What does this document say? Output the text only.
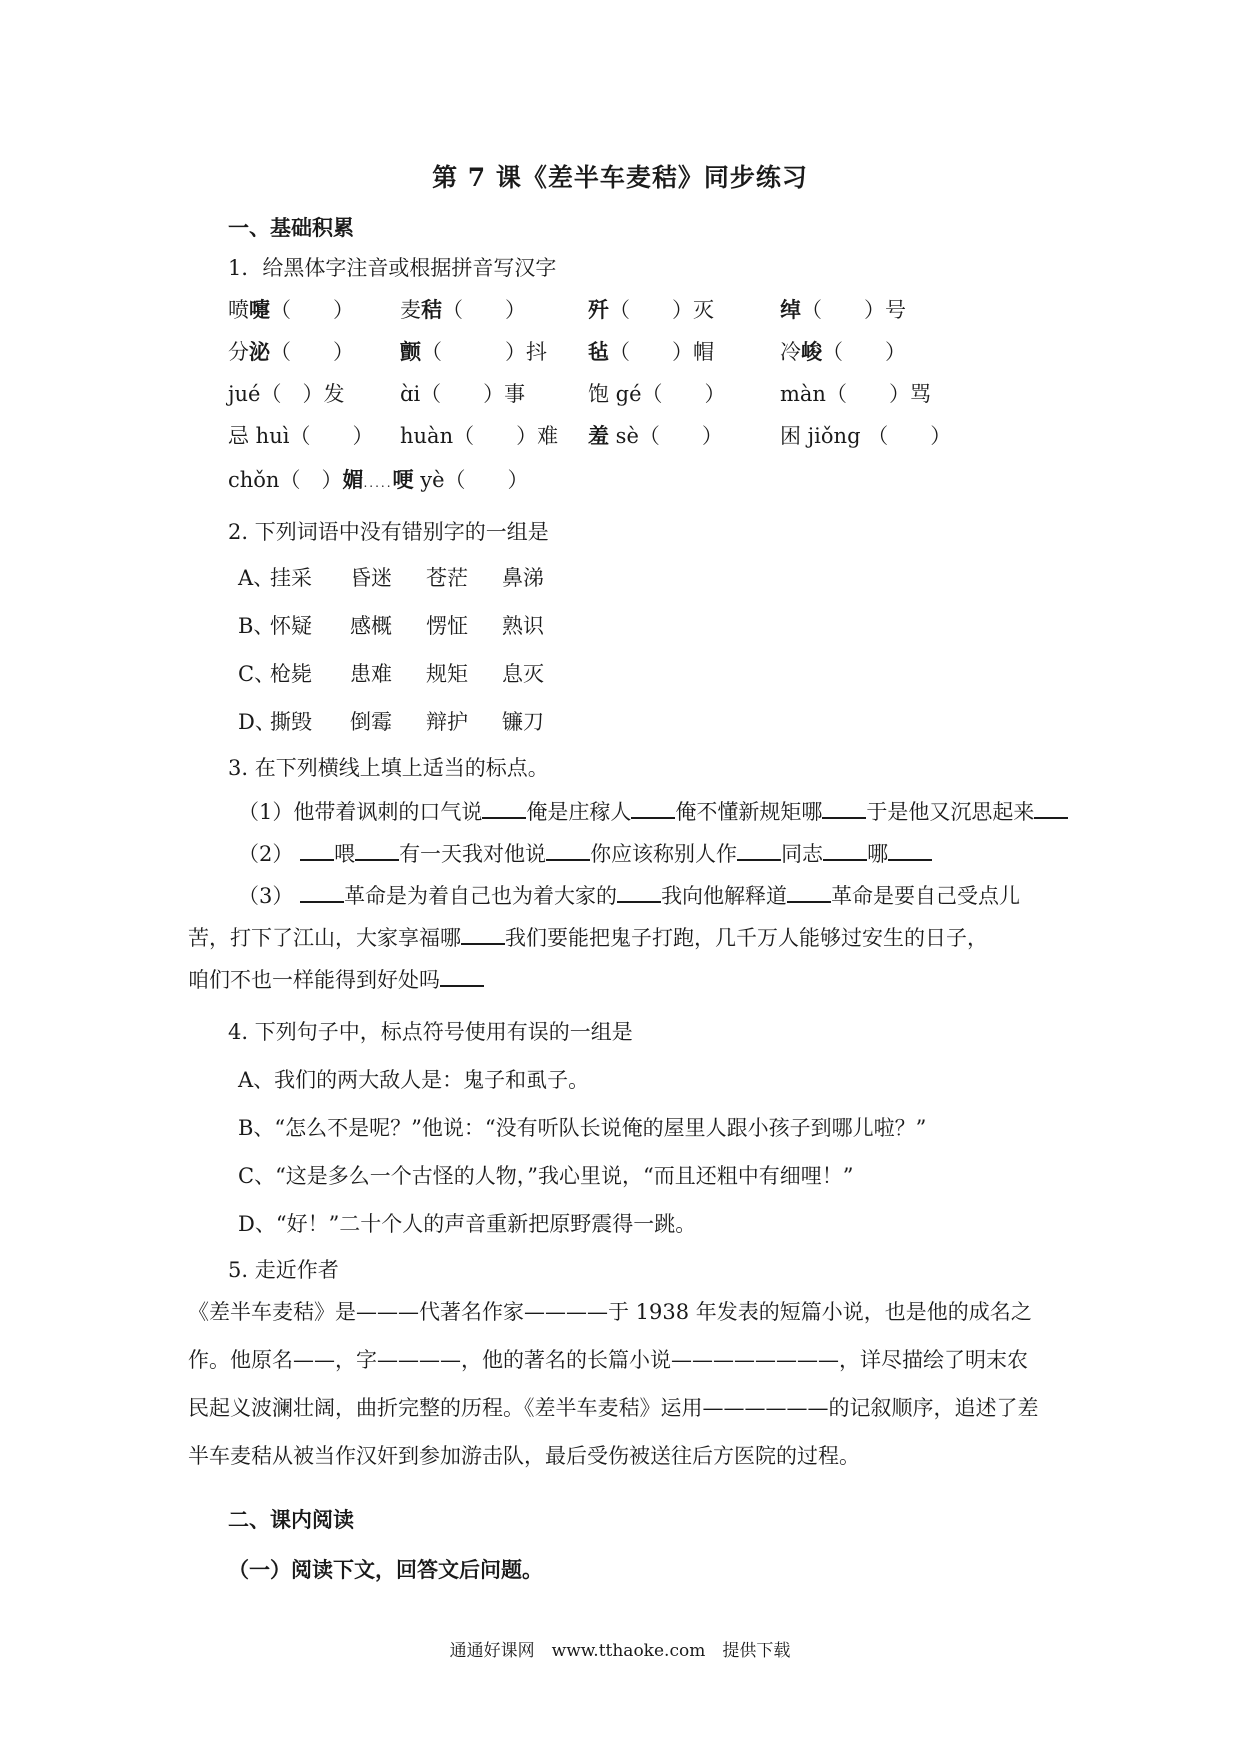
第 7 课《差半车麦秸》同步练习
一、基础积累
1．给黑体字注音或根据拼音写汉字
喷嚏（　　） 麦秸（　　）	歼（　　）灭	绰（　　）号
分泌（　　） 颤（　　　）抖 毡（　　）帽	冷峻（　　）
jué（　）发	ɑ̀i（　　）事	饱 gé（　　）	màn（　　）骂
忌 huì（　　） huàn（　　）难 羞 sè（　　）	困 jiǒng （　　）
chǒn（　）媚.....哽 yè（　　）
2. 下列词语中没有错别字的一组是
A、
挂采 昏迷 苍茫 鼻涕
B、
怀疑 感概 愣怔 熟识
C、
枪毙 患难 规矩 息灭
D、
撕毁 倒霉 辩护 镰刀
3. 在下列横线上填上适当的标点。
（1）他带着讽刺的口气说 俺是庄稼人 俺不懂新规矩哪 于是他又沉思起来
（2） 喂 有一天我对他说 你应该称别人作 同志 哪
（3） 革命是为着自己也为着大家的 我向他解释道 革命是要自己受点儿
苦，打下了江山，大家享福哪 我们要能把鬼子打跑，几千万人能够过安生的日子，
咱们不也一样能得到好处吗
4. 下列句子中，标点符号使用有误的一组是
A、我们的两大敌人是：鬼子和虱子。
B、“怎么不是呢？”他说：“没有听队长说俺的屋里人跟小孩子到哪儿啦？”
C、“这是多么一个古怪的人物，”我心里说，“而且还粗中有细哩！”
D、“好！”二十个人的声音重新把原野震得一跳。
5. 走近作者
《差半车麦秸》是———代著名作家————于 1938 年发表的短篇小说，也是他的成名之作。他原名——，字————，他的著名的长篇小说————————，详尽描绘了明末农民起义波澜壮阔，曲折完整的历程。《差半车麦秸》运用——————的记叙顺序，追述了差半车麦秸从被当作汉奸到参加游击队，最后受伤被送往后方医院的过程。
二、课内阅读
（一）阅读下文，回答文后问题。
通通好课网　www.tthaoke.com　提供下载
